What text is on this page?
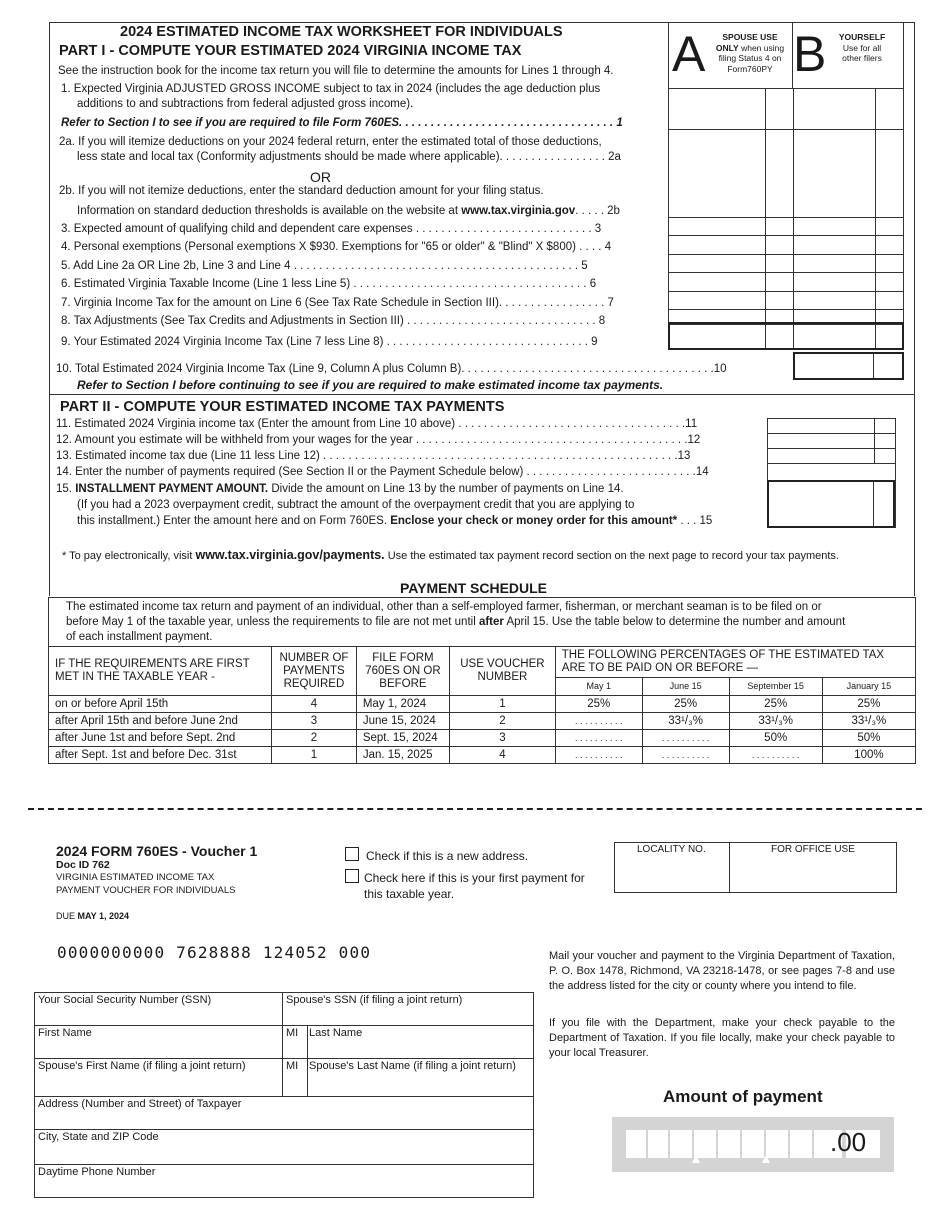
2024 ESTIMATED INCOME TAX WORKSHEET FOR INDIVIDUALS
PART I - COMPUTE YOUR ESTIMATED 2024 VIRGINIA INCOME TAX
See the instruction book for the income tax return you will file to determine the amounts for Lines 1 through 4. A	SPOUSE USE
ONLY when using
filing Status 4 on
Form760PY B	YOURSELF
Use for all
other filers
1. Expected Virginia ADJUSTED GROSS INCOME subject to tax in 2024 (includes the age deduction plus
additions to and subtractions from federal adjusted gross income).
Refer to Section I to see if you are required to file Form 760ES. . . . . . . . . . . . . . . . . . . . . . . . . . . . . . . . . . 1
2a. If you will itemize deductions on your 2024 federal return, enter the estimated total of those deductions,
less state and local tax (Conformity adjustments should be made where applicable). . . . . . . . . . . . . . . . . 2a
OR
2b. If you will not itemize deductions, enter the standard deduction amount for your filing status.
Information on standard deduction thresholds is available on the website at www.tax.virginia.gov. . . . . 2b
3. Expected amount of qualifying child and dependent care expenses . . . . . . . . . . . . . . . . . . . . . . . . . . . . 3
4. Personal exemptions (Personal exemptions X $930. Exemptions for "65 or older" & "Blind" X $800) . . . . 4
5. Add Line 2a OR Line 2b, Line 3 and Line 4 . . . . . . . . . . . . . . . . . . . . . . . . . . . . . . . . . . . . . . . . . . . . . 5
6. Estimated Virginia Taxable Income (Line 1 less Line 5) . . . . . . . . . . . . . . . . . . . . . . . . . . . . . . . . . . . . . 6
7. Virginia Income Tax for the amount on Line 6 (See Tax Rate Schedule in Section III). . . . . . . . . . . . . . . . . 7
8. Tax Adjustments (See Tax Credits and Adjustments in Section III) . . . . . . . . . . . . . . . . . . . . . . . . . . . . . . 8
9. Your Estimated 2024 Virginia Income Tax (Line 7 less Line 8) . . . . . . . . . . . . . . . . . . . . . . . . . . . . . . . . 9
10. Total Estimated 2024 Virginia Income Tax (Line 9, Column A plus Column B). . . . . . . . . . . . . . . . . . . . . . . . . . . . . . . . . . . . . . . .10
Refer to Section I before continuing to see if you are required to make estimated income tax payments.
PART II - COMPUTE YOUR ESTIMATED INCOME TAX PAYMENTS
11. Estimated 2024 Virginia income tax (Enter the amount from Line 10 above) . . . . . . . . . . . . . . . . . . . . . . . . . . . . . . . . . . . .11
12. Amount you estimate will be withheld from your wages for the year . . . . . . . . . . . . . . . . . . . . . . . . . . . . . . . . . . . . . . . . . . .12
13. Estimated income tax due (Line 11 less Line 12) . . . . . . . . . . . . . . . . . . . . . . . . . . . . . . . . . . . . . . . . . . . . . . . . . . . . . . . .13
14. Enter the number of payments required (See Section II or the Payment Schedule below) . . . . . . . . . . . . . . . . . . . . . . . . . . .14
15. INSTALLMENT PAYMENT AMOUNT. Divide the amount on Line 13 by the number of payments on Line 14.
(If you had a 2023 overpayment credit, subtract the amount of the overpayment credit that you are applying to
this installment.) Enter the amount here and on Form 760ES. Enclose your check or money order for this amount* . . . 15
* To pay electronically, visit www.tax.virginia.gov/payments. Use the estimated tax payment record section on the next page to record your tax payments.
PAYMENT SCHEDULE
The estimated income tax return and payment of an individual, other than a self-employed farmer, fisherman, or merchant seaman is to be filed on or
before May 1 of the taxable year, unless the requirements to file are not met until after April 15. Use the table below to determine the number and amount
of each installment payment.
IF THE REQUIREMENTS ARE FIRST MET IN THE TAXABLE YEAR -	NUMBER OF PAYMENTS REQUIRED	FILE FORM 760ES ON OR BEFORE	USE VOUCHER NUMBER	THE FOLLOWING PERCENTAGES OF THE ESTIMATED TAX ARE TO BE PAID ON OR BEFORE —			
				May 1	June 15	September 15	January 15
on or before April 15th	4	May 1, 2024	1	25%	25%	25%	25%
after April 15th and before June 2nd	3	June 15, 2024	2	. . . . . . . . . .	33¹/₃%	33¹/₃%	33¹/₃%
after June 1st and before Sept. 2nd	2	Sept. 15, 2024	3	. . . . . . . . . .	. . . . . . . . . .	50%	50%
after Sept. 1st and before Dec. 31st	1	Jan. 15, 2025	4	. . . . . . . . . .	. . . . . . . . . .	. . . . . . . . . .	100%
2024 FORM 760ES - Voucher 1
Doc ID 762
VIRGINIA ESTIMATED INCOME TAX
PAYMENT VOUCHER FOR INDIVIDUALS
DUE MAY 1, 2024
Check if this is a new address.
Check here if this is your first payment for
this taxable year.
LOCALITY NO.	FOR OFFICE USE
0000000000 7628888 124052 000
Your Social Security Number (SSN)	Spouse's SSN (if filing a joint return)
First Name	MI Last Name
Spouse's First Name (if filing a joint return)	MI Spouse's Last Name (if filing a joint return)
Address (Number and Street) of Taxpayer
City, State and ZIP Code
Daytime Phone Number
Mail your voucher and payment to the Virginia Department of Taxation, P. O. Box 1478, Richmond, VA 23218-1478, or see pages 7-8 and use the address listed for the city or county where you intend to file.
If you file with the Department, make your check payable to the Department of Taxation. If you file locally, make your check payable to your local Treasurer.
Amount of payment
.00
